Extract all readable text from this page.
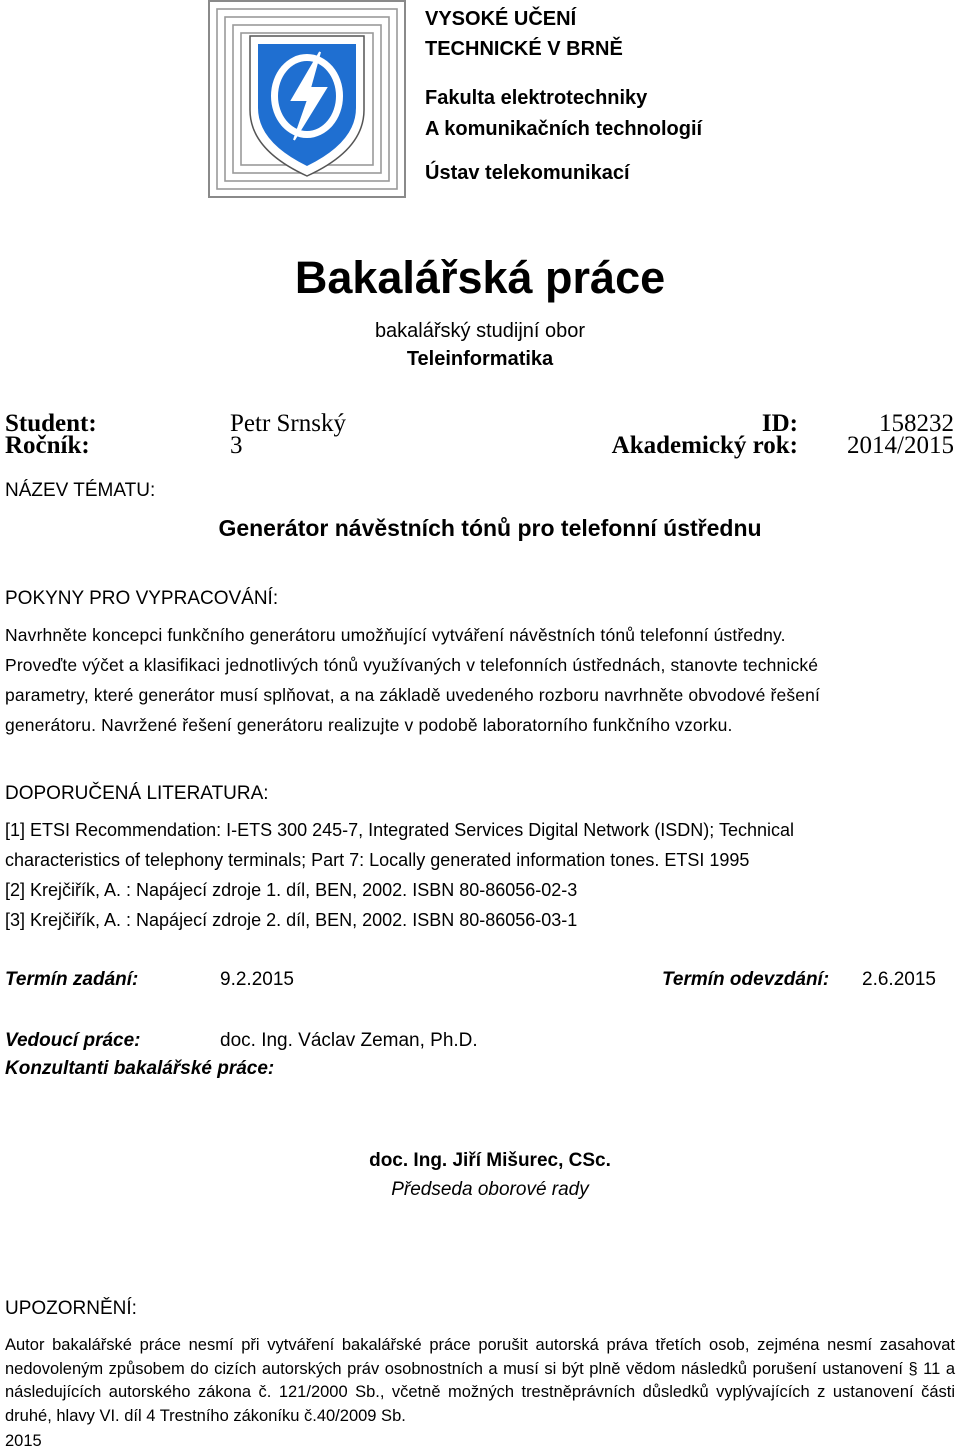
VYSOKÉ UČENÍ
TECHNICKÉ V BRNĚ
Fakulta elektrotechniky
A komunikačních technologií
Ústav telekomunikací
Bakalářská práce
bakalářský studijní obor
Teleinformatika
Student:	Petr Srnský	ID:	158232
Ročník:	3	Akademický rok: 2014/2015
NÁZEV TÉMATU:
Generátor návěstních tónů pro telefonní ústřednu
POKYNY PRO VYPRACOVÁNÍ:
Navrhněte koncepci funkčního generátoru umožňující vytváření návěstních tónů telefonní ústředny.
Proveďte výčet a klasifikaci jednotlivých tónů využívaných v telefonních ústřednách, stanovte technické
parametry, které generátor musí splňovat, a na základě uvedeného rozboru navrhněte obvodové řešení
generátoru. Navržené řešení generátoru realizujte v podobě laboratorního funkčního vzorku.
DOPORUČENÁ LITERATURA:
[1] ETSI Recommendation: I-ETS 300 245-7, Integrated Services Digital Network (ISDN); Technical
characteristics of telephony terminals; Part 7: Locally generated information tones. ETSI 1995
[2] Krejčiřík, A. : Napájecí zdroje 1. díl, BEN, 2002. ISBN 80-86056-02-3
[3] Krejčiřík, A. : Napájecí zdroje 2. díl, BEN, 2002. ISBN 80-86056-03-1
Termín zadání:	9.2.2015	Termín odevzdání: 2.6.2015
Vedoucí práce:	doc. Ing. Václav Zeman, Ph.D.
Konzultanti bakalářské práce:
doc. Ing. Jiří Mišurec, CSc.
Předseda oborové rady
UPOZORNĚNÍ:
Autor bakalářské práce nesmí při vytváření bakalářské práce porušit autorská práva třetích osob, zejména nesmí zasahovat nedovoleným způsobem do cizích autorských práv osobnostních a musí si být plně vědom následků porušení ustanovení § 11 a následujících autorského zákona č. 121/2000 Sb., včetně možných trestněprávních důsledků vyplývajících z ustanovení části druhé, hlavy VI. díl 4 Trestního zákoníku č.40/2009 Sb.
2015
